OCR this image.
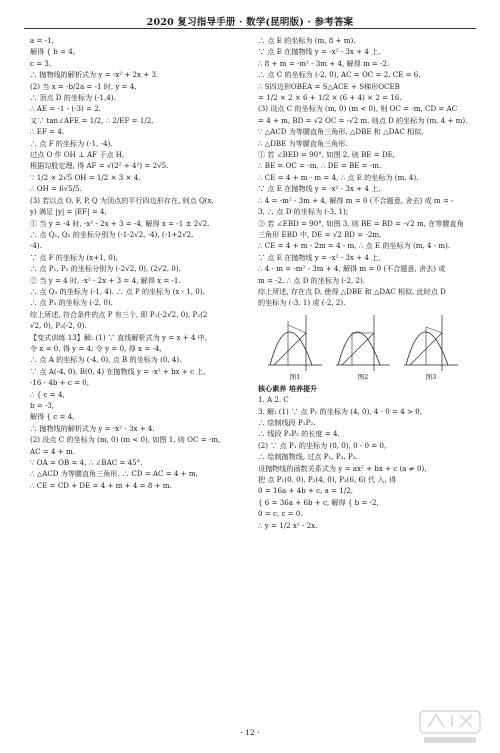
2020 复习指导手册 · 数学(昆明版) · 参考答案
a = -1,
解得 { b = 4,
c = 3,
∴ 抛物线的解析式为 y = -x² + 2x + 3.
(2) 当 x = -b/2a = -1 时, y = 4,
∴ 顶点 D 的坐标为 (-1,4).
∴ AE = -1 - (-3) = 2.
又∵ tan∠AFE = 1/2, ∴ 2/EF = 1/2,
∴ EF = 4.
∴ 点 F 的坐标为 (-1, -4).
过点 O 作 OH ⊥ AF 于点 H,
根据勾股定理, 得 AF = √(2² + 4²) = 2√5.
∵ 1/2 × 2√5 OH = 1/2 × 3 × 4,
∴ OH = 6√5/5.
(3) 若以点 O, F, P, Q 为顶点的平行四边形存在, 则点 Q(x,
y) 满足 |y| = |EF| = 4,
① 当 y = -4 时, -x² - 2x + 3 = -4, 解得 x = -1 ± 2√2.
∴ 点 Q₁, Q₂ 的坐标分别为 (-1-2√2, -4), (-1+2√2,
-4).
∵ 点 F 的坐标为 (x+1, 0),
∴ 点 P₁, P₂ 的坐标分别为 (-2√2, 0), (2√2, 0).
② 当 y = 4 时, -x² - 2x + 3 = 4, 解得 x = -1.
∴ 点 Q₃ 的坐标为 (-1, 4). ∴ 点 P 的坐标为 (x - 1, 0),
∴ 点 P₃ 的坐标为 (-2, 0).
综上所述, 符合条件的点 P 有三个, 即 P₁(-2√2, 0), P₂(2
√2, 0), P₃(-2, 0).
【变式训练 13】解: (1) ∵ 直线解析式为 y = x + 4 中,
令 x = 0, 得 y = 4; 令 y = 0, 得 x = -4,
∴ 点 A 的坐标为 (-4, 0), 点 B 的坐标为 (0, 4).
∵ 点 A(-4, 0), B(0, 4) 在抛物线 y = -x² + bx + c 上,
-16 - 4b + c = 0,
∴ { c = 4,
b = -3,
解得 { c = 4,
∴ 抛物线的解析式为 y = -x² - 3x + 4.
(2) 设点 C 的坐标为 (m, 0) (m < 0), 如图 1, 则 OC = -m,
AC = 4 + m.
∵ OA = OB = 4, ∴ ∠BAC = 45°.
∴ △ACD 为等腰直角三角形. ∴ CD = AC = 4 + m,
∴ CE = CD + DE = 4 + m + 4 = 8 + m.
∴ 点 E 的坐标为 (m, 8 + m).
∵ 点 E 在抛物线 y = -x² - 3x + 4 上,
∴ 8 + m = -m² - 3m + 4, 解得 m = -2.
∴ 点 C 的坐标为 (-2, 0), AC = OC = 2, CE = 6.
∴ S四边形OBEA = S△ACE + S梯形OCEB
= 1/2 × 2 × 6 + 1/2 × (6 + 4) × 2 = 16.
(3) 设点 C 的坐标为 (m, 0) (m < 0), 则 OC = -m, CD = AC
= 4 + m, BD = √2 OC = -√2 m, 则点 D 的坐标为 (m, 4 + m).
∵ △ACD 为等腰直角三角形, △DBE 和 △DAC 相似,
∴ △DBE 为等腰直角三角形.
① 若 ∠BED = 90°, 如图 2, 则 BE = DE,
∴ BE = OC = -m, ∴ DE = BE = -m.
∴ CE = 4 + m - m = 4, ∴ 点 E 的坐标为 (m, 4).
∵ 点 E 在抛物线 y = -x² - 3x + 4 上,
∴ 4 = -m² - 3m + 4, 解得 m = 0 (不合题意, 舍去) 或 m = -
3, ∴ 点 D 的坐标为 (-3, 1);
② 若 ∠EBD = 90°, 如图 3, 则 BE = BD = -√2 m, 在等腰直角
三角形 EBD 中, DE = √2 BD = -2m,
∴ CE = 4 + m - 2m = 4 - m, ∴ 点 E 的坐标为 (m, 4 - m).
∵ 点 E 在抛物线 y = -x² - 3x + 4 上,
∴ 4 - m = -m² - 3m + 4, 解得 m = 0 (不合题意, 舍去) 或
m = -2, ∴ 点 D 的坐标为 (-2, 2).
综上所述, 存在点 D, 使得 △DBE 和 △DAC 相似, 此时点 D
的坐标为 (-3, 1) 或 (-2, 2).
图1	图2	图3
核心素养 培养提升
1. A 2. C
3. 解: (1) ∵ 点 P₁ 的坐标为 (4, 0), 4 - 0 = 4 > 0,
∴ 绘制线段 P₁P₂.
∴ 线段 P₁P₂ 的长度 = 4.
(2) ∵ 点 P₁ 的坐标为 (0, 0), 0 - 0 = 0,
∴ 绘制抛物线, 过点 P₁, P₂, P₃.
设抛物线的函数关系式为 y = ax² + bx + c (a ≠ 0),
把 点 P₁(0, 0), P₂(4, 0), P₃(6, 6) 代 入, 得
0 = 16a + 4b + c, a = 1/2,
{ 6 = 36a + 6b + c, 解得 { b = -2,
0 = c, c = 0.
∴ y = 1/2 x² - 2x.
· 12 ·
